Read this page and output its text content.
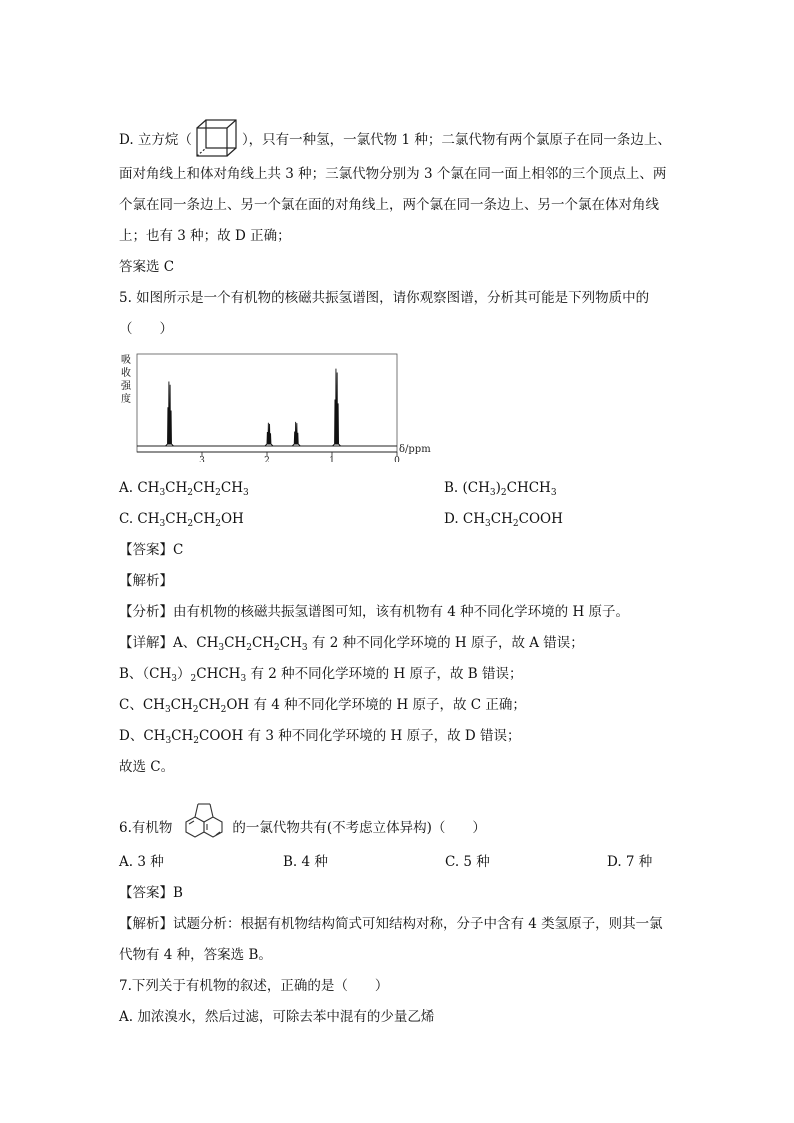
D. 立方烷（	），只有一种氢，一氯代物 1 种；二氯代物有两个氯原子在同一条边上、
面对角线上和体对角线上共 3 种；三氯代物分别为 3 个氯在同一面上相邻的三个顶点上、两
个氯在同一条边上、另一个氯在面的对角线上，两个氯在同一条边上、另一个氯在体对角线
上；也有 3 种；故 D 正确；
答案选 C
5. 如图所示是一个有机物的核磁共振氢谱图，请你观察图谱，分析其可能是下列物质中的
（　　）
吸
收
强
度
3	2	1	0
δ/ppm
A. $CH_3CH_2CH_2CH_3$	B. $(CH_3)_2CHCH_3$
C. $CH_3CH_2CH_2OH$	D. $CH_3CH_2COOH$
【答案】C
【解析】
【分析】由有机物的核磁共振氢谱图可知，该有机物有 4 种不同化学环境的 H 原子。
【详解】A、$CH_3CH_2CH_2CH_3$ 有 2 种不同化学环境的 H 原子，故 A 错误；
B、$(CH_3)_2CHCH_3$ 有 2 种不同化学环境的 H 原子，故 B 错误；
C、$CH_3CH_2CH_2OH$ 有 4 种不同化学环境的 H 原子，故 C 正确；
D、$CH_3CH_2COOH$ 有 3 种不同化学环境的 H 原子，故 D 错误；
故选 C。
6.有机物	的一氯代物共有(不考虑立体异构)（　　）
A. 3 种	B. 4 种	C. 5 种	D. 7 种
【答案】B
【解析】试题分析：根据有机物结构简式可知结构对称，分子中含有 4 类氢原子，则其一氯
代物有 4 种，答案选 B。
7.下列关于有机物的叙述，正确的是（　　）
A. 加浓溴水，然后过滤，可除去苯中混有的少量乙烯
